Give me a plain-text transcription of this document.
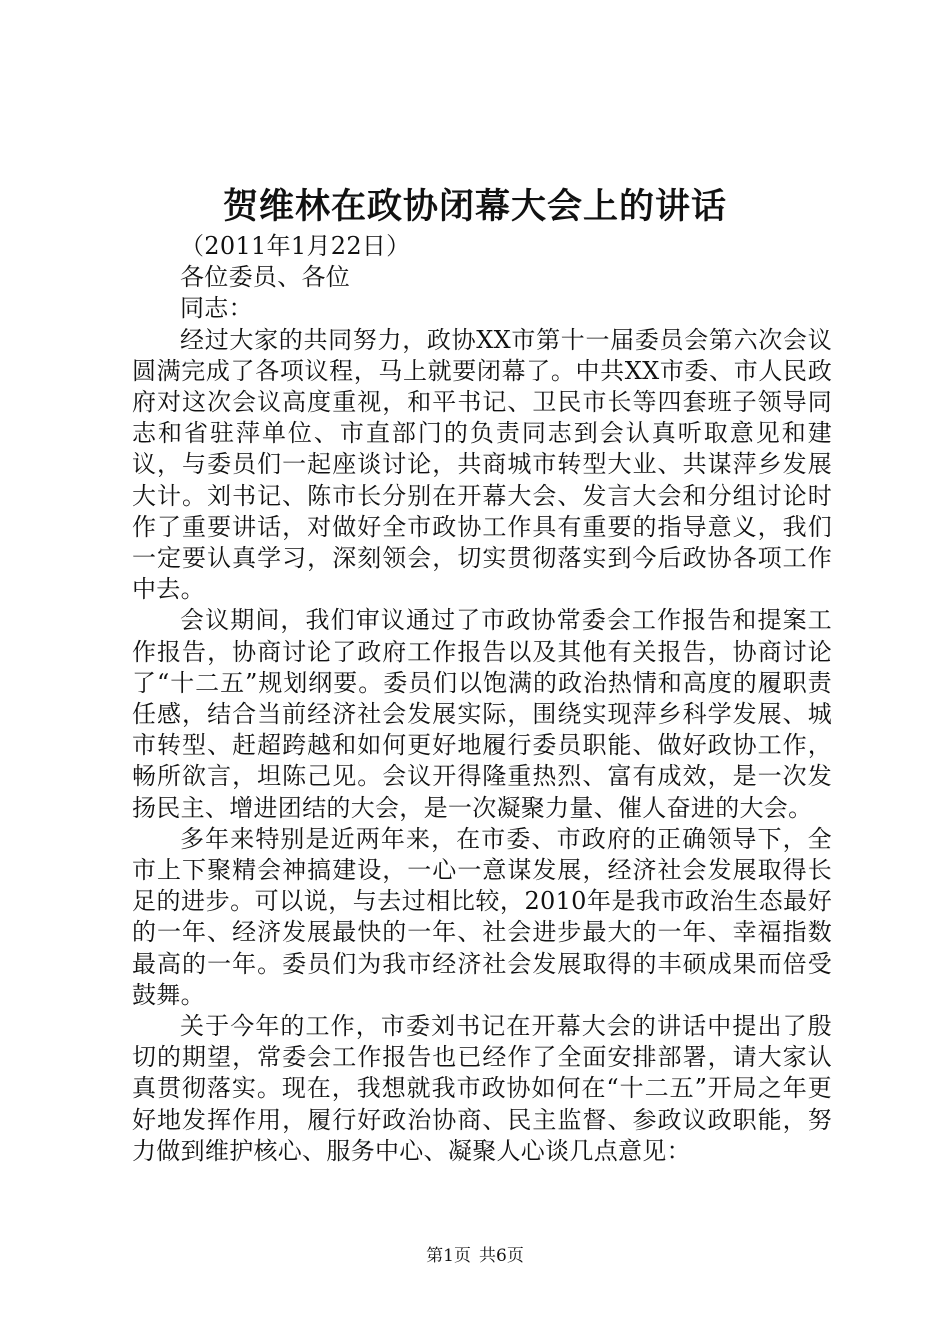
贺维林在政协闭幕大会上的讲话

（2011年1月22日）

各位委员、各位

同志：

经过大家的共同努力，政协XX市第十一届委员会第六次会议圆满完成了各项议程，马上就要闭幕了。中共XX市委、市人民政府对这次会议高度重视，和平书记、卫民市长等四套班子领导同志和省驻萍单位、市直部门的负责同志到会认真听取意见和建议，与委员们一起座谈讨论，共商城市转型大业、共谋萍乡发展大计。刘书记、陈市长分别在开幕大会、发言大会和分组讨论时作了重要讲话，对做好全市政协工作具有重要的指导意义，我们一定要认真学习，深刻领会，切实贯彻落实到今后政协各项工作中去。

会议期间，我们审议通过了市政协常委会工作报告和提案工作报告，协商讨论了政府工作报告以及其他有关报告，协商讨论了“十二五”规划纲要。委员们以饱满的政治热情和高度的履职责任感，结合当前经济社会发展实际，围绕实现萍乡科学发展、城市转型、赶超跨越和如何更好地履行委员职能、做好政协工作，畅所欲言，坦陈己见。会议开得隆重热烈、富有成效，是一次发扬民主、增进团结的大会，是一次凝聚力量、催人奋进的大会。

多年来特别是近两年来，在市委、市政府的正确领导下，全市上下聚精会神搞建设，一心一意谋发展，经济社会发展取得长足的进步。可以说，与去过相比较，2010年是我市政治生态最好的一年、经济发展最快的一年、社会进步最大的一年、幸福指数最高的一年。委员们为我市经济社会发展取得的丰硕成果而倍受鼓舞。

关于今年的工作，市委刘书记在开幕大会的讲话中提出了殷切的期望，常委会工作报告也已经作了全面安排部署，请大家认真贯彻落实。现在，我想就我市政协如何在“十二五”开局之年更好地发挥作用，履行好政治协商、民主监督、参政议政职能，努力做到维护核心、服务中心、凝聚人心谈几点意见：

第1页 共6页
